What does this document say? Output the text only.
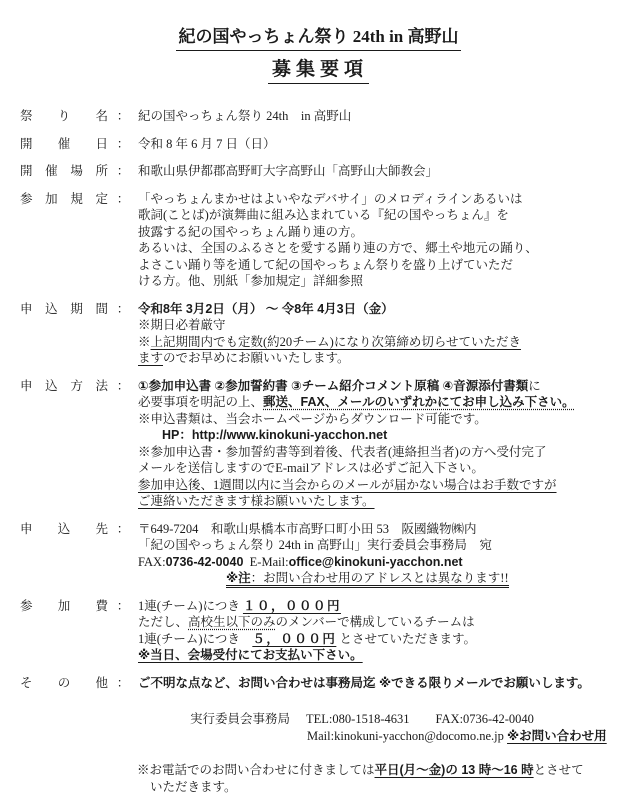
紀の国やっちょん祭り 24th in 高野山
募集要項
祭 り 名 ： 紀の国やっちょん祭り 24th　in 高野山
開 催 日 ： 令和 8 年 6 月 7 日（日）
開 催 場 所 ： 和歌山県伊都郡高野町大字高野山「高野山大師教会」
参 加 規 定 ： 「やっちょんまかせはよいやなデバサイ」のメロディラインあるいは
歌詞(ことば)が演舞曲に組み込まれている『紀の国やっちょん』を
披露する紀の国やっちょん踊り連の方。
あるいは、全国のふるさとを愛する踊り連の方で、郷土や地元の踊り、
よさこい踊り等を通して紀の国やっちょん祭りを盛り上げていただ
ける方。他、別紙「参加規定」詳細参照
申 込 期 間 ： 令和8年 3月2日（月） ～ 令8年 4月3日（金）
※期日必着厳守
※上記期間内でも定数(約20チーム)になり次第締め切らせていただき
ますのでお早めにお願いいたします。
申 込 方 法 ： ①参加申込書 ②参加誓約書 ③チーム紹介コメント原稿 ④音源添付書類に
必要事項を明記の上、郵送、FAX、メールのいずれかにてお申し込み下さい。
※申込書類は、当会ホームページからダウンロード可能です。
HP：http://www.kinokuni-yacchon.net
※参加申込書・参加誓約書等到着後、代表者(連絡担当者)の方へ受付完了
メールを送信しますのでE-mailアドレスは必ずご記入下さい。
参加申込後、1週間以内に当会からのメールが届かない場合はお手数ですが
ご連絡いただきます様お願いいたします。
申 込 先 ： 〒649-7204　和歌山県橋本市高野口町小田 53　阪國織物㈱内
「紀の国やっちょん祭り 24th in 高野山」実行委員会事務局　宛
FAX:0736-42-0040 E-Mail:office@kinokuni-yacchon.net
※注：お問い合わせ用のアドレスとは異なります!!
参 加 費 ： 1連(チーム)につき １０，０００円
ただし、高校生以下のみのメンバーで構成しているチームは
1連(チーム)につき　５，０００円 とさせていただきます。
※当日、会場受付にてお支払い下さい。
そ の 他 ： ご不明な点など、お問い合わせは事務局迄 ※できる限りメールでお願いします。
実行委員会事務局 TEL: 080-1518-4631 FAX: 0736-42-0040
Mail:kinokuni-yacchon@docomo.ne.jp ※お問い合わせ用
※お電話でのお問い合わせに付きましては平日(月～金)の 13 時～16 時とさせて
いただきます。
